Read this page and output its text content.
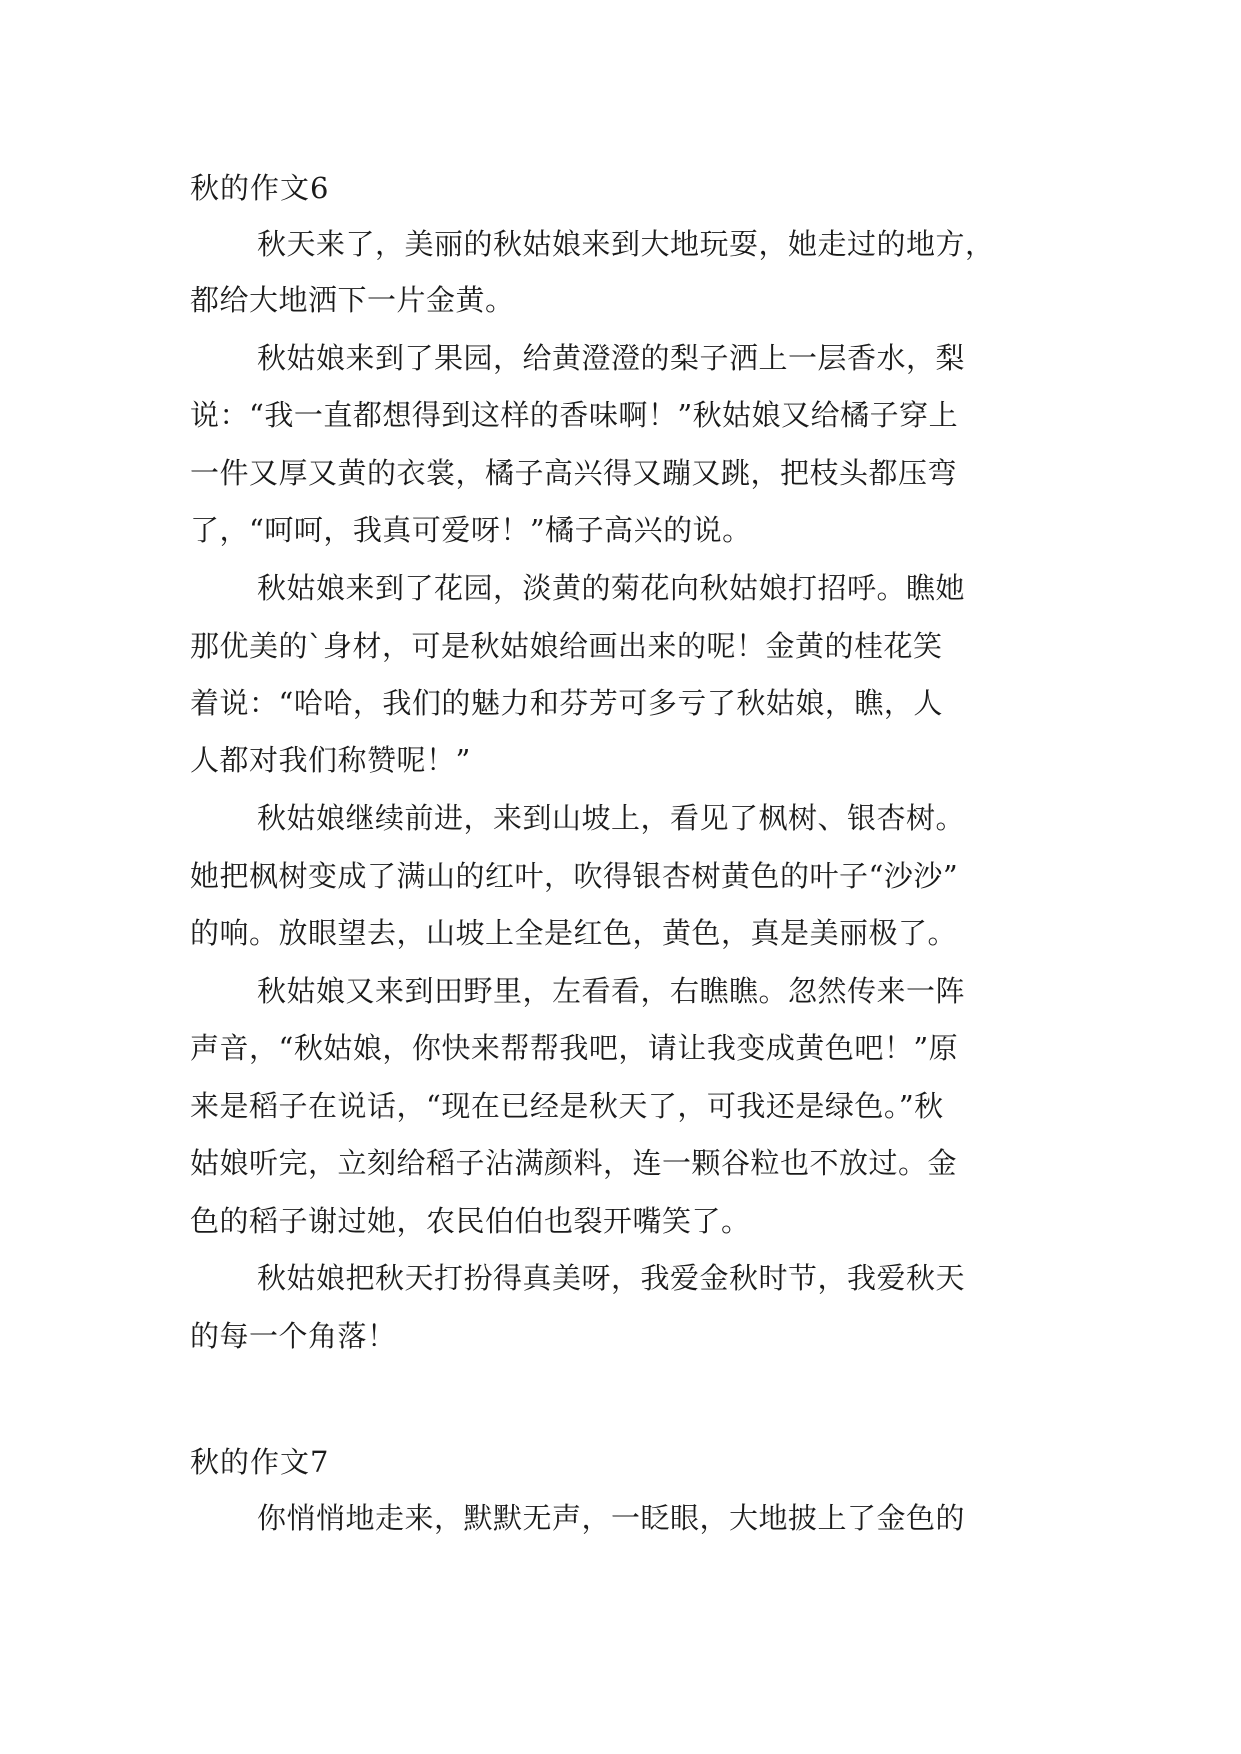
秋的作文6
秋天来了，美丽的秋姑娘来到大地玩耍，她走过的地方，
都给大地洒下一片金黄。
秋姑娘来到了果园，给黄澄澄的梨子洒上一层香水，梨
说：“我一直都想得到这样的香味啊！”秋姑娘又给橘子穿上
一件又厚又黄的衣裳，橘子高兴得又蹦又跳，把枝头都压弯
了，“呵呵，我真可爱呀！”橘子高兴的说。
秋姑娘来到了花园，淡黄的菊花向秋姑娘打招呼。瞧她
那优美的`身材，可是秋姑娘给画出来的呢！金黄的桂花笑
着说：“哈哈，我们的魅力和芬芳可多亏了秋姑娘，瞧，人
人都对我们称赞呢！”
秋姑娘继续前进，来到山坡上，看见了枫树、银杏树。
她把枫树变成了满山的红叶，吹得银杏树黄色的叶子“沙沙”
的响。放眼望去，山坡上全是红色，黄色，真是美丽极了。
秋姑娘又来到田野里，左看看，右瞧瞧。忽然传来一阵
声音，“秋姑娘，你快来帮帮我吧，请让我变成黄色吧！”原
来是稻子在说话，“现在已经是秋天了，可我还是绿色。”秋
姑娘听完，立刻给稻子沾满颜料，连一颗谷粒也不放过。金
色的稻子谢过她，农民伯伯也裂开嘴笑了。
秋姑娘把秋天打扮得真美呀，我爱金秋时节，我爱秋天
的每一个角落！
秋的作文7
你悄悄地走来，默默无声，一眨眼，大地披上了金色的
